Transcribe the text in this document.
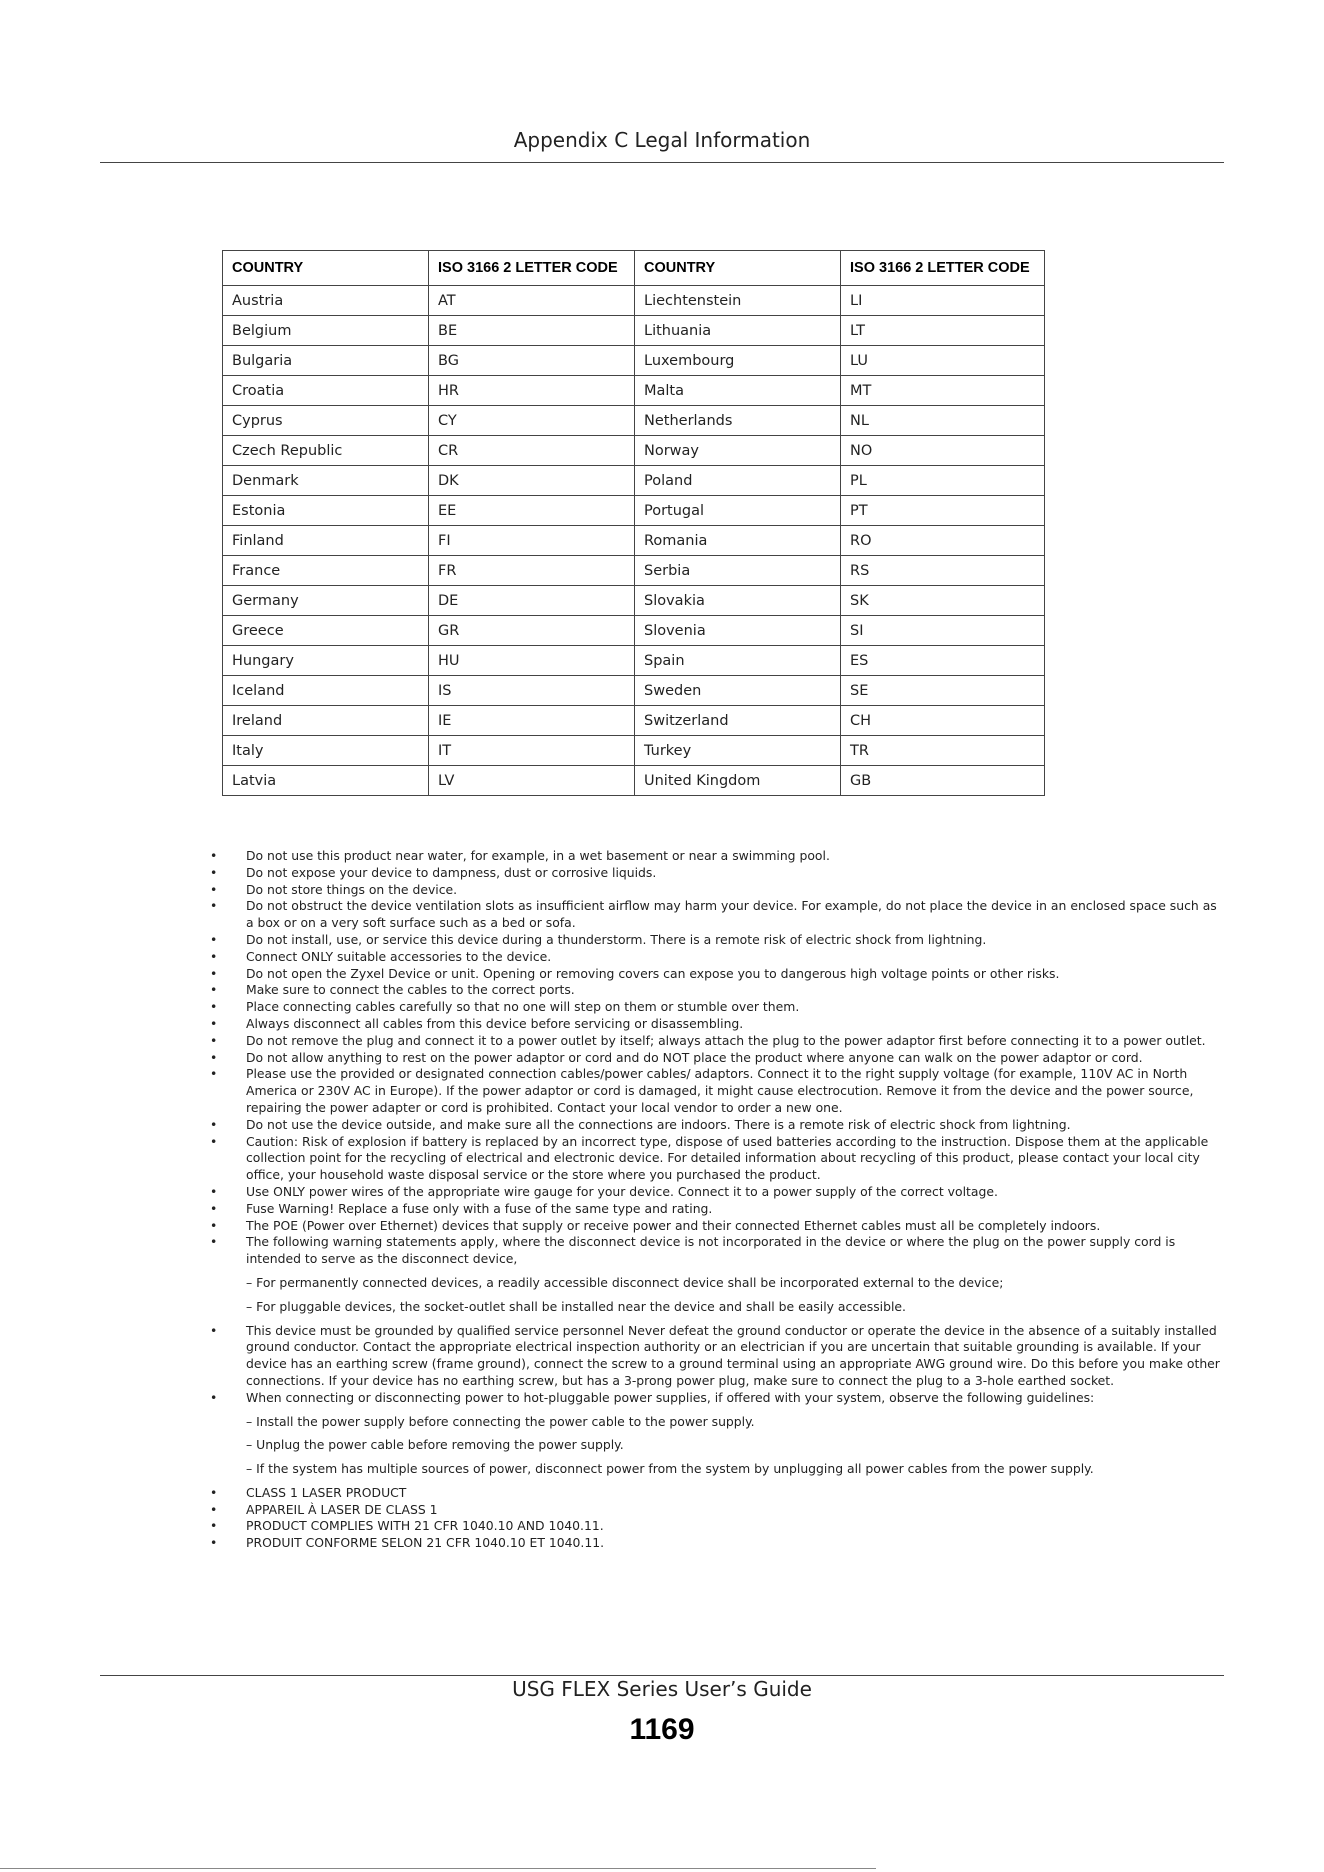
Appendix C Legal Information
COUNTRY	ISO 3166 2 LETTER CODE	COUNTRY	ISO 3166 2 LETTER CODE
Austria	AT	Liechtenstein	LI
Belgium	BE	Lithuania	LT
Bulgaria	BG	Luxembourg	LU
Croatia	HR	Malta	MT
Cyprus	CY	Netherlands	NL
Czech Republic	CR	Norway	NO
Denmark	DK	Poland	PL
Estonia	EE	Portugal	PT
Finland	FI	Romania	RO
France	FR	Serbia	RS
Germany	DE	Slovakia	SK
Greece	GR	Slovenia	SI
Hungary	HU	Spain	ES
Iceland	IS	Sweden	SE
Ireland	IE	Switzerland	CH
Italy	IT	Turkey	TR
Latvia	LV	United Kingdom	GB
• Do not use this product near water, for example, in a wet basement or near a swimming pool.
• Do not expose your device to dampness, dust or corrosive liquids.
• Do not store things on the device.
• Do not obstruct the device ventilation slots as insufficient airflow may harm your device. For example, do not place the device in an enclosed space such as a box or on a very soft surface such as a bed or sofa.
• Do not install, use, or service this device during a thunderstorm. There is a remote risk of electric shock from lightning.
• Connect ONLY suitable accessories to the device.
• Do not open the Zyxel Device or unit. Opening or removing covers can expose you to dangerous high voltage points or other risks.
• Make sure to connect the cables to the correct ports.
• Place connecting cables carefully so that no one will step on them or stumble over them.
• Always disconnect all cables from this device before servicing or disassembling.
• Do not remove the plug and connect it to a power outlet by itself; always attach the plug to the power adaptor first before connecting it to a power outlet.
• Do not allow anything to rest on the power adaptor or cord and do NOT place the product where anyone can walk on the power adaptor or cord.
• Please use the provided or designated connection cables/power cables/ adaptors. Connect it to the right supply voltage (for example, 110V AC in North America or 230V AC in Europe). If the power adaptor or cord is damaged, it might cause electrocution. Remove it from the device and the power source, repairing the power adapter or cord is prohibited. Contact your local vendor to order a new one.
• Do not use the device outside, and make sure all the connections are indoors. There is a remote risk of electric shock from lightning.
• Caution: Risk of explosion if battery is replaced by an incorrect type, dispose of used batteries according to the instruction. Dispose them at the applicable collection point for the recycling of electrical and electronic device. For detailed information about recycling of this product, please contact your local city office, your household waste disposal service or the store where you purchased the product.
• Use ONLY power wires of the appropriate wire gauge for your device. Connect it to a power supply of the correct voltage.
• Fuse Warning! Replace a fuse only with a fuse of the same type and rating.
• The POE (Power over Ethernet) devices that supply or receive power and their connected Ethernet cables must all be completely indoors.
• The following warning statements apply, where the disconnect device is not incorporated in the device or where the plug on the power supply cord is intended to serve as the disconnect device,

– For permanently connected devices, a readily accessible disconnect device shall be incorporated external to the device;

– For pluggable devices, the socket-outlet shall be installed near the device and shall be easily accessible.

• This device must be grounded by qualified service personnel Never defeat the ground conductor or operate the device in the absence of a suitably installed ground conductor. Contact the appropriate electrical inspection authority or an electrician if you are uncertain that suitable grounding is available. If your device has an earthing screw (frame ground), connect the screw to a ground terminal using an appropriate AWG ground wire. Do this before you make other connections. If your device has no earthing screw, but has a 3-prong power plug, make sure to connect the plug to a 3-hole earthed socket.
• When connecting or disconnecting power to hot-pluggable power supplies, if offered with your system, observe the following guidelines:

– Install the power supply before connecting the power cable to the power supply.

– Unplug the power cable before removing the power supply.

– If the system has multiple sources of power, disconnect power from the system by unplugging all power cables from the power supply.

• CLASS 1 LASER PRODUCT
• APPAREIL À LASER DE CLASS 1
• PRODUCT COMPLIES WITH 21 CFR 1040.10 AND 1040.11.
• PRODUIT CONFORME SELON 21 CFR 1040.10 ET 1040.11.
USG FLEX Series User’s Guide
1169
